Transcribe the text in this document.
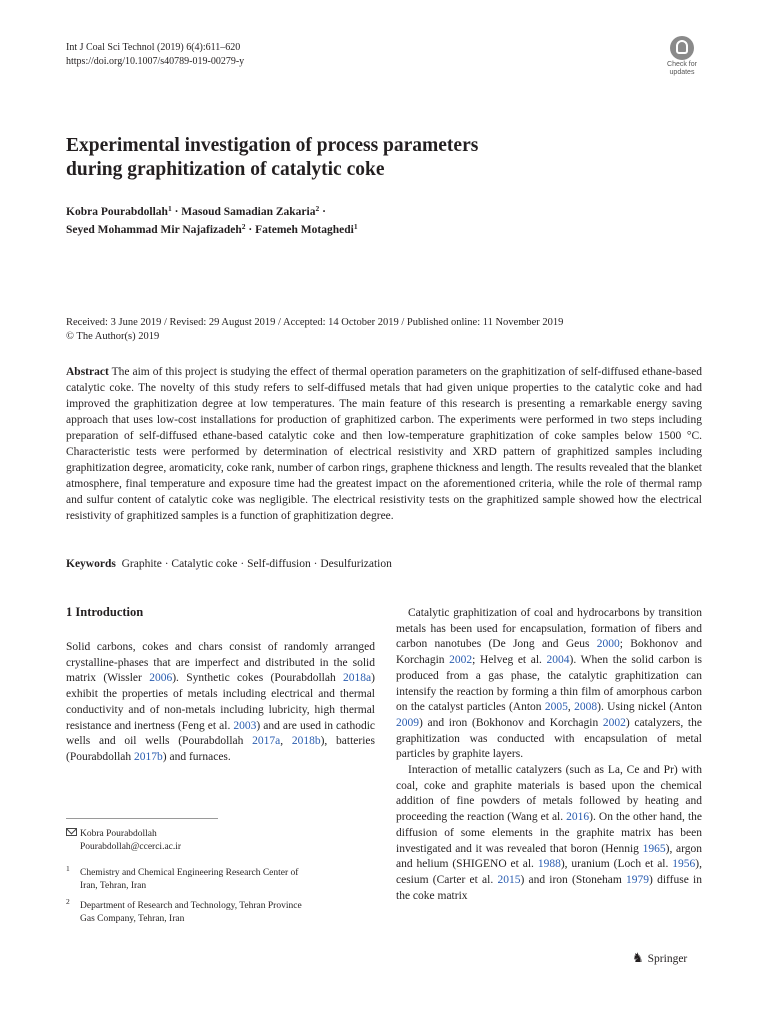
Int J Coal Sci Technol (2019) 6(4):611–620
https://doi.org/10.1007/s40789-019-00279-y	Check for
updates
Experimental investigation of process parameters
during graphitization of catalytic coke
Kobra Pourabdollah$^1$ · Masoud Samadian Zakaria$^2$ ·
Seyed Mohammad Mir Najafizadeh$^2$ · Fatemeh Motaghedi$^1$
Received: 3 June 2019 / Revised: 29 August 2019 / Accepted: 14 October 2019 / Published online: 11 November 2019
© The Author(s) 2019
Abstract The aim of this project is studying the effect of thermal operation parameters on the graphitization of self-diffused ethane-based catalytic coke. The novelty of this study refers to self-diffused metals that had given unique properties to the catalytic coke and had improved the graphitization degree at low temperatures. The main feature of this research is presenting a remarkable energy saving approach that uses low-cost installations for production of graphitized carbon. The experiments were performed in two steps including preparation of self-diffused ethane-based catalytic coke and then low-temperature graphitization of coke samples below 1500 °C. Characteristic tests were performed by determination of electrical resistivity and XRD pattern of graphitized samples including graphitization degree, aromaticity, coke rank, number of carbon rings, graphene thickness and length. The results revealed that the blanket atmosphere, final temperature and exposure time had the greatest impact on the aforementioned criteria, while the role of thermal ramp and sulfur content of catalytic coke was negligible. The electrical resistivity tests on the graphitized sample showed how the electrical resistivity of graphitized samples is a function of graphitization degree.
Keywords Graphite · Catalytic coke · Self-diffusion · Desulfurization
1 Introduction

Solid carbons, cokes and chars consist of randomly arranged crystalline-phases that are imperfect and distributed in the solid matrix (Wissler 2006). Synthetic cokes (Pourabdollah 2018a) exhibit the properties of metals including electrical and thermal conductivity and of non-metals including lubricity, high thermal resistance and inertness (Feng et al. 2003) and are used in cathodic wells and oil wells (Pourabdollah 2017a, 2018b), batteries (Pourabdollah 2017b) and furnaces.

Kobra Pourabdollah
Pourabdollah@ccerci.ac.ir
$^1$ Chemistry and Chemical Engineering Research Center of
Iran, Tehran, Iran
$^2$ Department of Research and Technology, Tehran Province
Gas Company, Tehran, Iran

Catalytic graphitization of coal and hydrocarbons by transition metals has been used for encapsulation, formation of fibers and carbon nanotubes (De Jong and Geus 2000; Bokhonov and Korchagin 2002; Helveg et al. 2004). When the solid carbon is produced from a gas phase, the catalytic graphitization can intensify the reaction by forming a thin film of amorphous carbon on the catalyst particles (Anton 2005, 2008). Using nickel (Anton 2009) and iron (Bokhonov and Korchagin 2002) catalyzers, the graphitization was conducted with encapsulation of metal particles by graphite layers.

Interaction of metallic catalyzers (such as La, Ce and Pr) with coal, coke and graphite materials is based upon the chemical addition of fine powders of metals followed by heating and proceeding the reaction (Wang et al. 2016). On the other hand, the diffusion of some elements in the graphite matrix has been investigated and it was revealed that boron (Hennig 1965), argon and helium (SHIGENO et al. 1988), uranium (Loch et al. 1956), cesium (Carter et al. 2015) and iron (Stoneham 1979) diffuse in the coke matrix

♞ Springer
